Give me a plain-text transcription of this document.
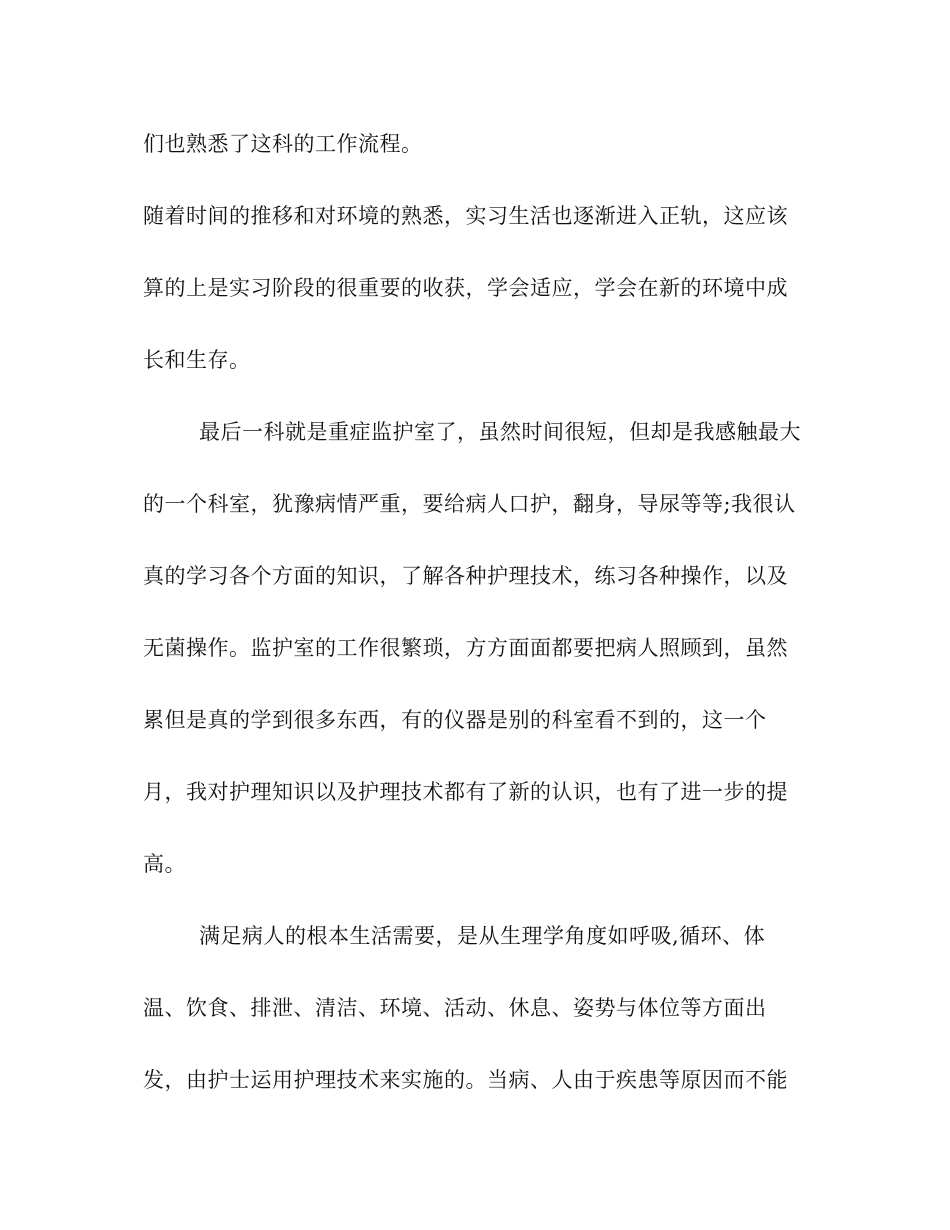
们也熟悉了这科的工作流程。
随着时间的推移和对环境的熟悉，实习生活也逐渐进入正轨，这应该
算的上是实习阶段的很重要的收获，学会适应，学会在新的环境中成
长和生存。
最后一科就是重症监护室了，虽然时间很短，但却是我感触最大
的一个科室，犹豫病情严重，要给病人口护，翻身，导尿等等;我很认
真的学习各个方面的知识，了解各种护理技术，练习各种操作，以及
无菌操作。监护室的工作很繁琐，方方面面都要把病人照顾到，虽然
累但是真的学到很多东西，有的仪器是别的科室看不到的，这一个
月，我对护理知识以及护理技术都有了新的认识，也有了进一步的提
高。
满足病人的根本生活需要，是从生理学角度如呼吸,循环、体
温、饮食、排泄、清洁、环境、活动、休息、姿势与体位等方面出
发，由护士运用护理技术来实施的。当病、人由于疾患等原因而不能
